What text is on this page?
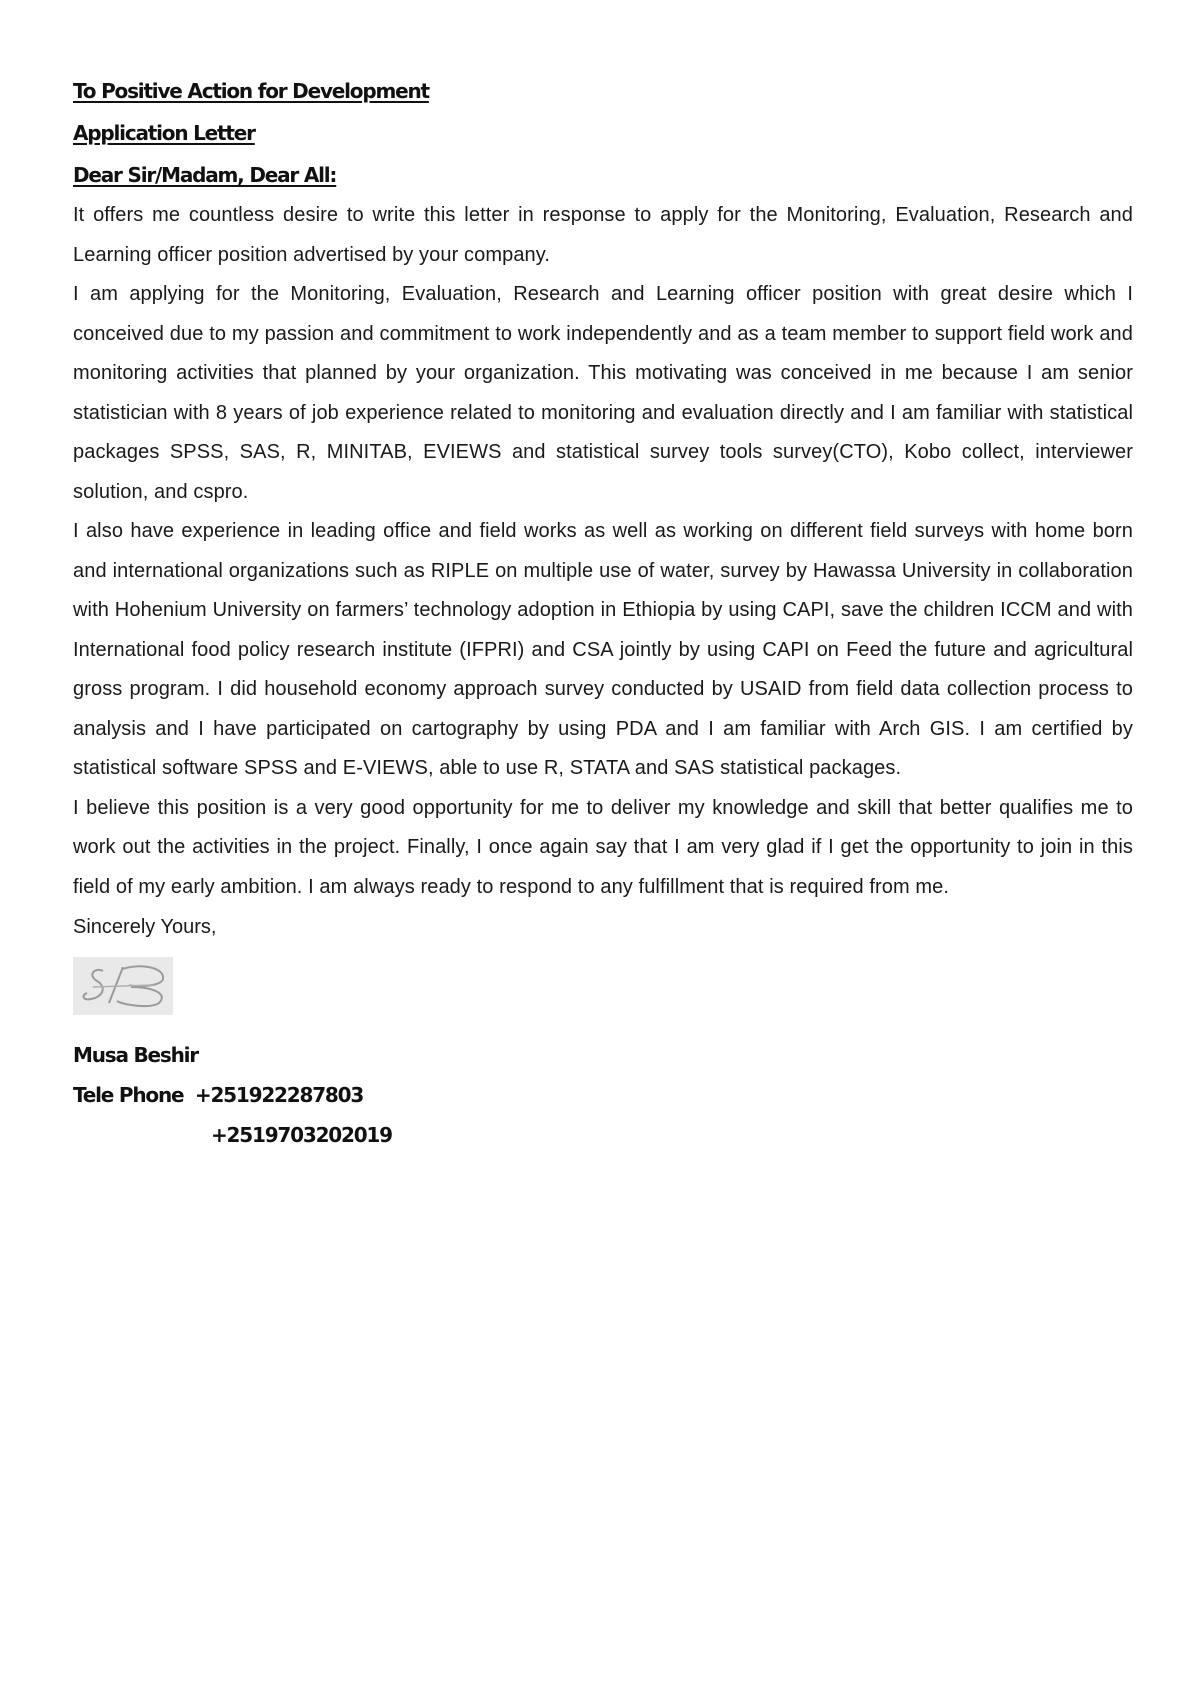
To Positive Action for Development
Application Letter
Dear Sir/Madam, Dear All:

It offers me countless desire to write this letter in response to apply for the Monitoring, Evaluation, Research and Learning officer position advertised by your company.

I am applying for the Monitoring, Evaluation, Research and Learning officer position with great desire which I conceived due to my passion and commitment to work independently and as a team member to support field work and monitoring activities that planned by your organization. This motivating was conceived in me because I am senior statistician with 8 years of job experience related to monitoring and evaluation directly and I am familiar with statistical packages SPSS, SAS, R, MINITAB, EVIEWS and statistical survey tools survey(CTO), Kobo collect, interviewer solution, and cspro.

I also have experience in leading office and field works as well as working on different field surveys with home born and international organizations such as RIPLE on multiple use of water, survey by Hawassa University in collaboration with Hohenium University on farmers’ technology adoption in Ethiopia by using CAPI, save the children ICCM and with International food policy research institute (IFPRI) and CSA jointly by using CAPI on Feed the future and agricultural gross program. I did household economy approach survey conducted by USAID from field data collection process to analysis and I have participated on cartography by using PDA and I am familiar with Arch GIS. I am certified by statistical software SPSS and E-VIEWS, able to use R, STATA and SAS statistical packages.

I believe this position is a very good opportunity for me to deliver my knowledge and skill that better qualifies me to work out the activities in the project. Finally, I once again say that I am very glad if I get the opportunity to join in this field of my early ambition. I am always ready to respond to any fulfillment that is required from me.

Sincerely Yours,

Musa Beshir
Tele Phone +251922287803
+2519703202019
